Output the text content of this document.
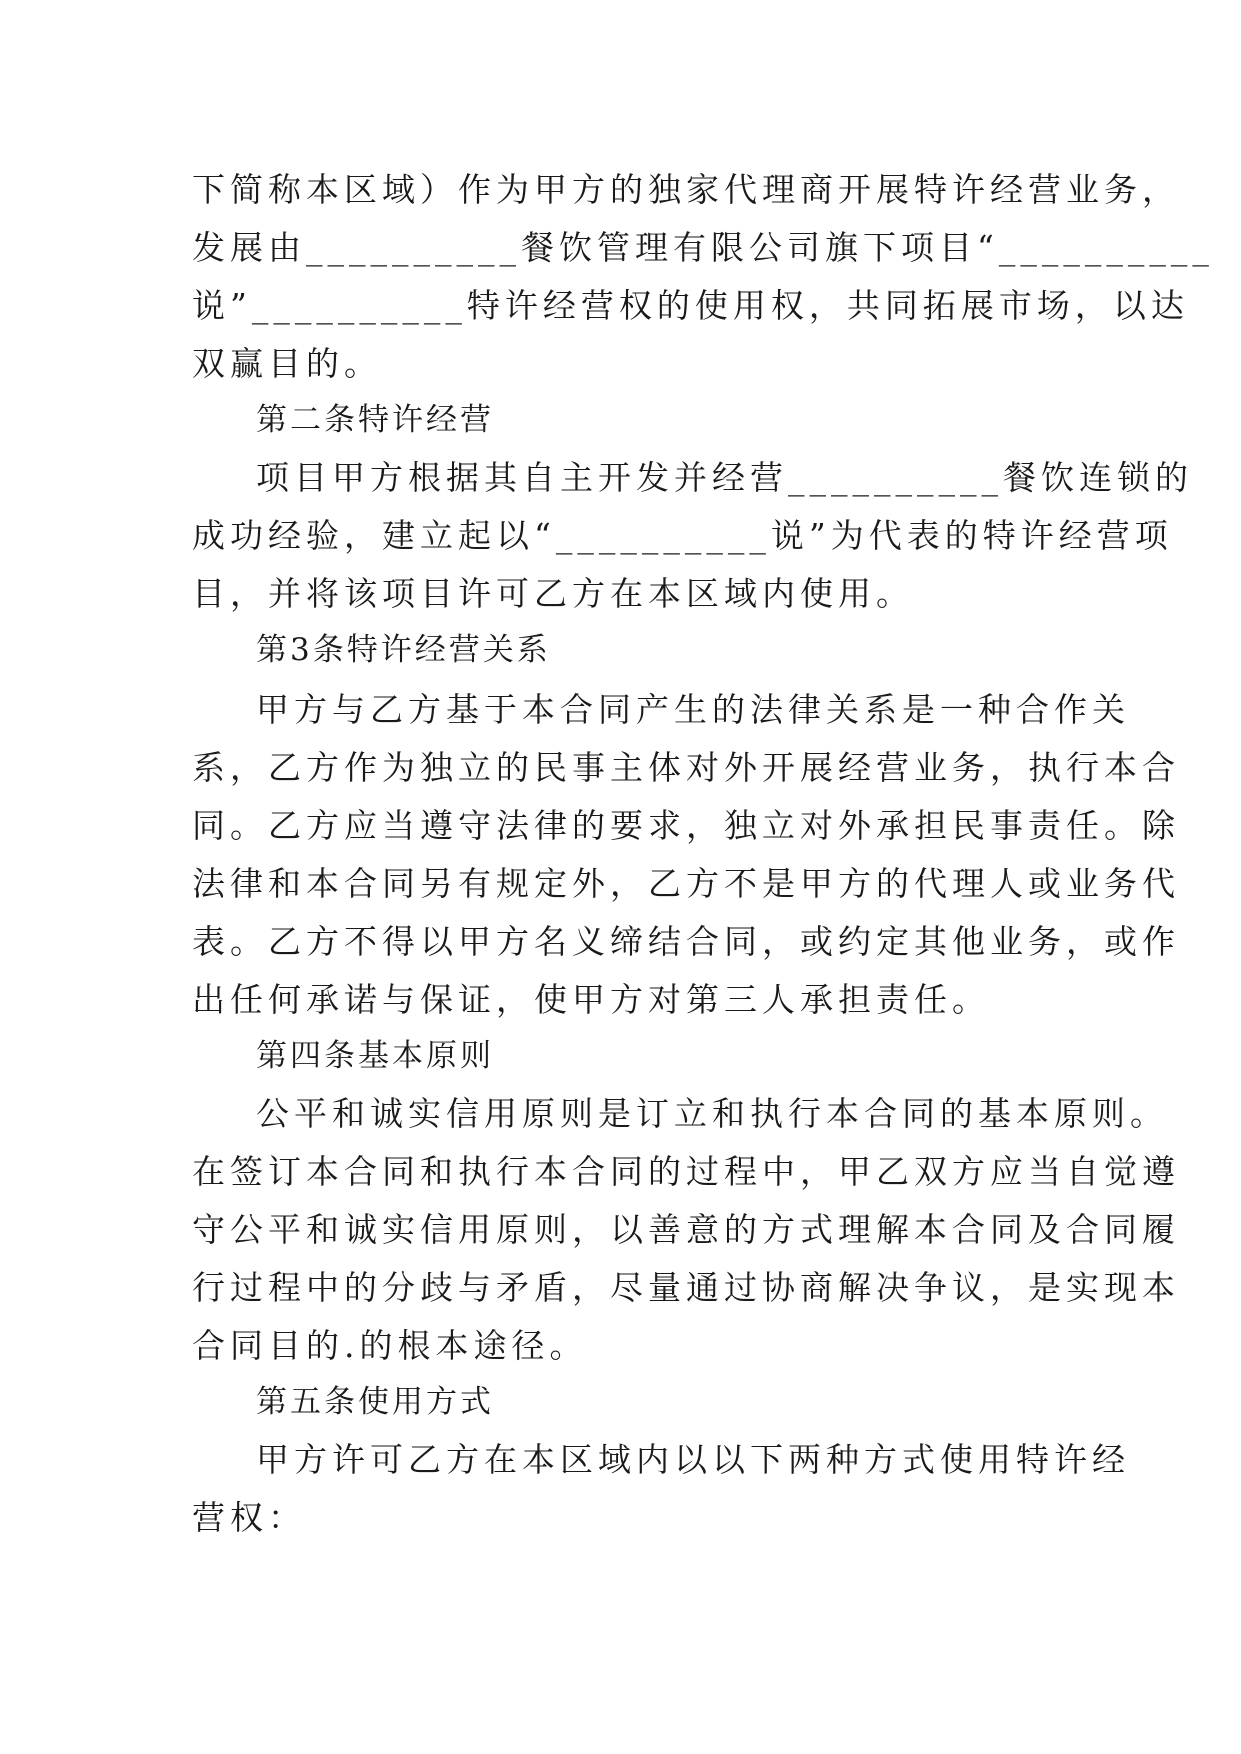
下简称本区域）作为甲方的独家代理商开展特许经营业务，
发展由__________餐饮管理有限公司旗下项目“__________
说”__________特许经营权的使用权，共同拓展市场，以达
双赢目的。
第二条特许经营
项目甲方根据其自主开发并经营__________餐饮连锁的
成功经验，建立起以“__________说”为代表的特许经营项
目，并将该项目许可乙方在本区域内使用。
第3条特许经营关系
甲方与乙方基于本合同产生的法律关系是一种合作关
系，乙方作为独立的民事主体对外开展经营业务，执行本合
同。乙方应当遵守法律的要求，独立对外承担民事责任。除
法律和本合同另有规定外，乙方不是甲方的代理人或业务代
表。乙方不得以甲方名义缔结合同，或约定其他业务，或作
出任何承诺与保证，使甲方对第三人承担责任。
第四条基本原则
公平和诚实信用原则是订立和执行本合同的基本原则。
在签订本合同和执行本合同的过程中，甲乙双方应当自觉遵
守公平和诚实信用原则，以善意的方式理解本合同及合同履
行过程中的分歧与矛盾，尽量通过协商解决争议，是实现本
合同目的.的根本途径。
第五条使用方式
甲方许可乙方在本区域内以以下两种方式使用特许经
营权：
